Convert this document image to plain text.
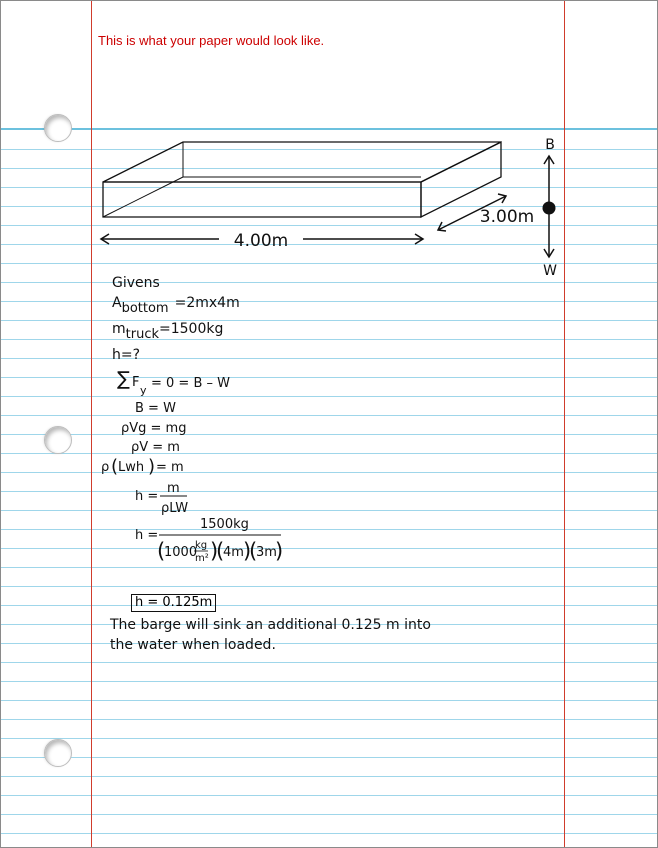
This is what your paper would look like.
4.00m
3.00m
B
W
Givens
$A_{bottom} =2mx4m$
$m_{truck}=1500kg$
h=?
∑ F
y = 0 = B – W
B = W
ρVg = mg
ρV = m
ρ ( Lwh ) = m
h =
m
ρLW
h =
1500kg
(
1000
kg
m² )
(
4m )
(
3m
)
h = 0.125m
The barge will sink an additional 0.125 m into
the water when loaded.
